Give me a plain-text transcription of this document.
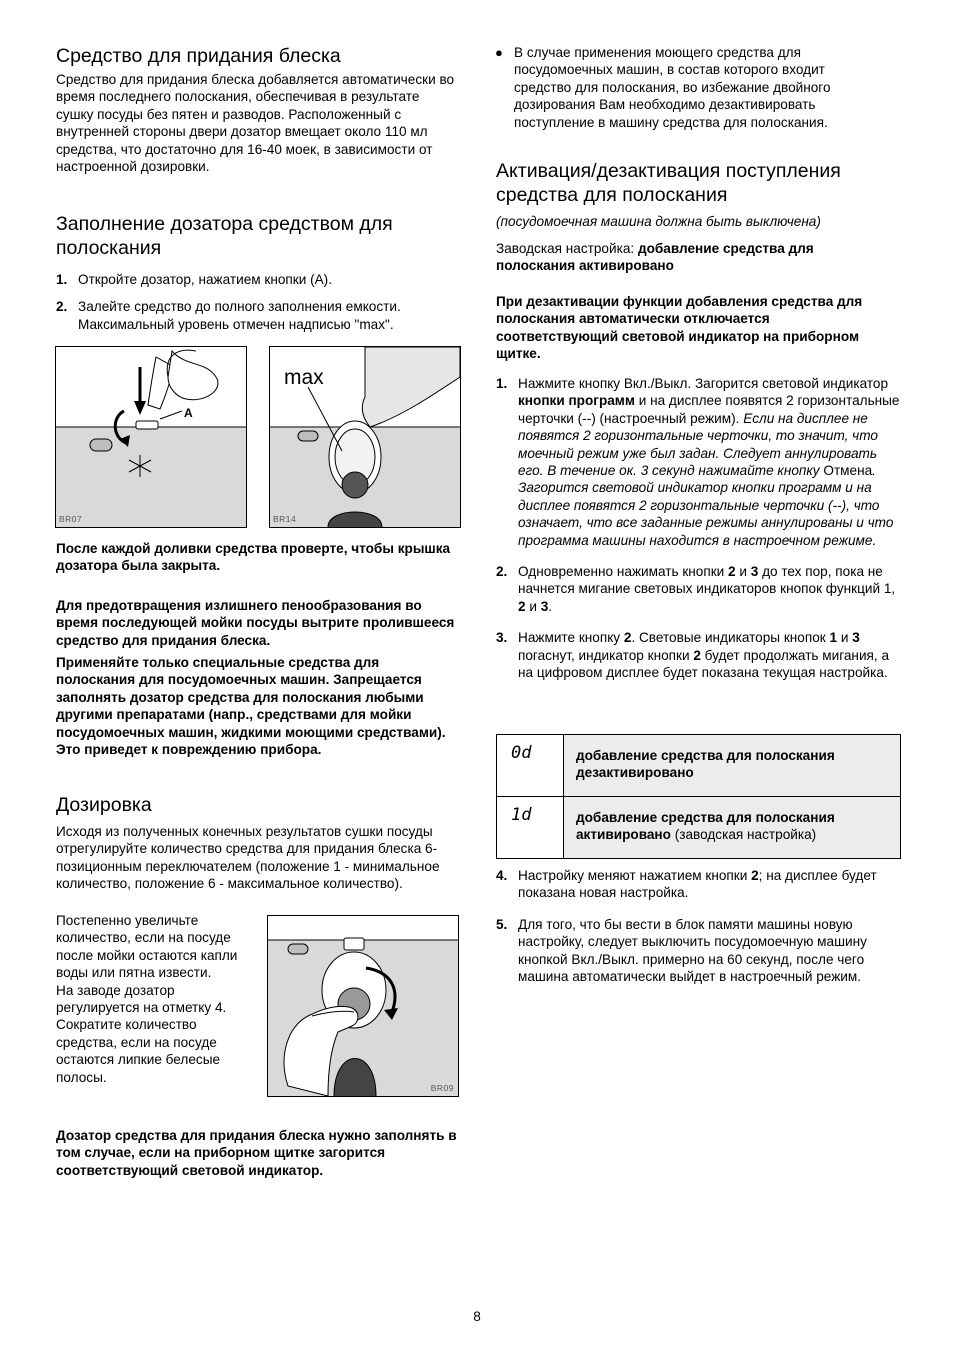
Средство для придания блеска

Средство для придания блеска добавляется автоматически во время последнего полоскания, обеспечивая в результате сушку посуды без пятен и разводов. Расположенный с внутренней стороны двери дозатор вмещает около 110 мл средства, что достаточно для 16-40 моек, в зависимости от настроенной дозировки.

Заполнение дозатора средством для полоскания
1. Откройте дозатор, нажатием кнопки (A).
2. Залейте средство до полного заполнения емкости. Максимальный уровень отмечен надписью "max".
A
BR07
max
BR14

После каждой доливки средства проверте, чтобы крышка дозатора была закрыта.

Для предотвращения излишнего пенообразования во время последующей мойки посуды вытрите пролившееся средство для придания блеска.

Применяйте только специальные средства для полоскания для посудомоечных машин. Запрещается заполнять дозатор средства для полоскания любыми другими препаратами (напр., средствами для мойки посудомоечных машин, жидкими моющими средствами). Это приведет к повреждению прибора.

Дозировка

Исходя из полученных конечных результатов сушки посуды отрегулируйте количество средства для придания блеска 6-позиционным переключателем (положение 1 - минимальное количество, положение 6 - максимальное количество).

Постепенно увеличьте количество, если на посуде после мойки остаются капли воды или пятна извести.
На заводе дозатор регулируется на отметку 4.
Сократите количество средства, если на посуде остаются липкие белесые полосы.
BR09

Дозатор средства для придания блеска нужно заполнять в том случае, если на приборном щитке загорится соответствующий световой индикатор.

● В случае применения моющего средства для посудомоечных машин, в состав которого входит средство для полоскания, во избежание двойного дозирования Вам необходимо дезактивировать поступление в машину средства для полоскания.

Активация/дезактивация поступления средства для полоскания

(посудомоечная машина должна быть выключена)

Заводская настройка: добавление средства для полоскания активировано

При дезактивации функции добавления средства для полоскания автоматически отключается соответствующий световой индикатор на приборном щитке.

1. Нажмите кнопку Вкл./Выкл. Загорится световой индикатор кнопки программ и на дисплее появятся 2 горизонтальные черточки (--) (настроечный режим). Если на дисплее не появятся 2 горизонтальные черточки, то значит, что моечный режим уже был задан. Следует аннулировать его. В течение ок. 3 секунд нажимайте кнопку Отмена. Загорится световой индикатор кнопки программ и на дисплее появятся 2 горизонтальные черточки (--), что означает, что все заданные режимы аннулированы и что программа машины находится в настроечном режиме.
2. Одновременно нажимать кнопки 2 и 3 до тех пор, пока не начнется мигание световых индикаторов кнопок функций 1, 2 и 3.
3. Нажмите кнопку 2. Световые индикаторы кнопок 1 и 3 погаснут, индикатор кнопки 2 будет продолжать мигания, а на цифровом дисплее будет показана текущая настройка.
0d	добавление средства для полоскания дезактивировано
1d	добавление средства для полоскания активировано (заводская настройка)
4. Настройку меняют нажатием кнопки 2; на дисплее будет показана новая настройка.
5. Для того, что бы вести в блок памяти машины новую настройку, следует выключить посудомоечную машину кнопкой Вкл./Выкл. примерно на 60 секунд, после чего машина автоматически выйдет в настроечный режим.
8
